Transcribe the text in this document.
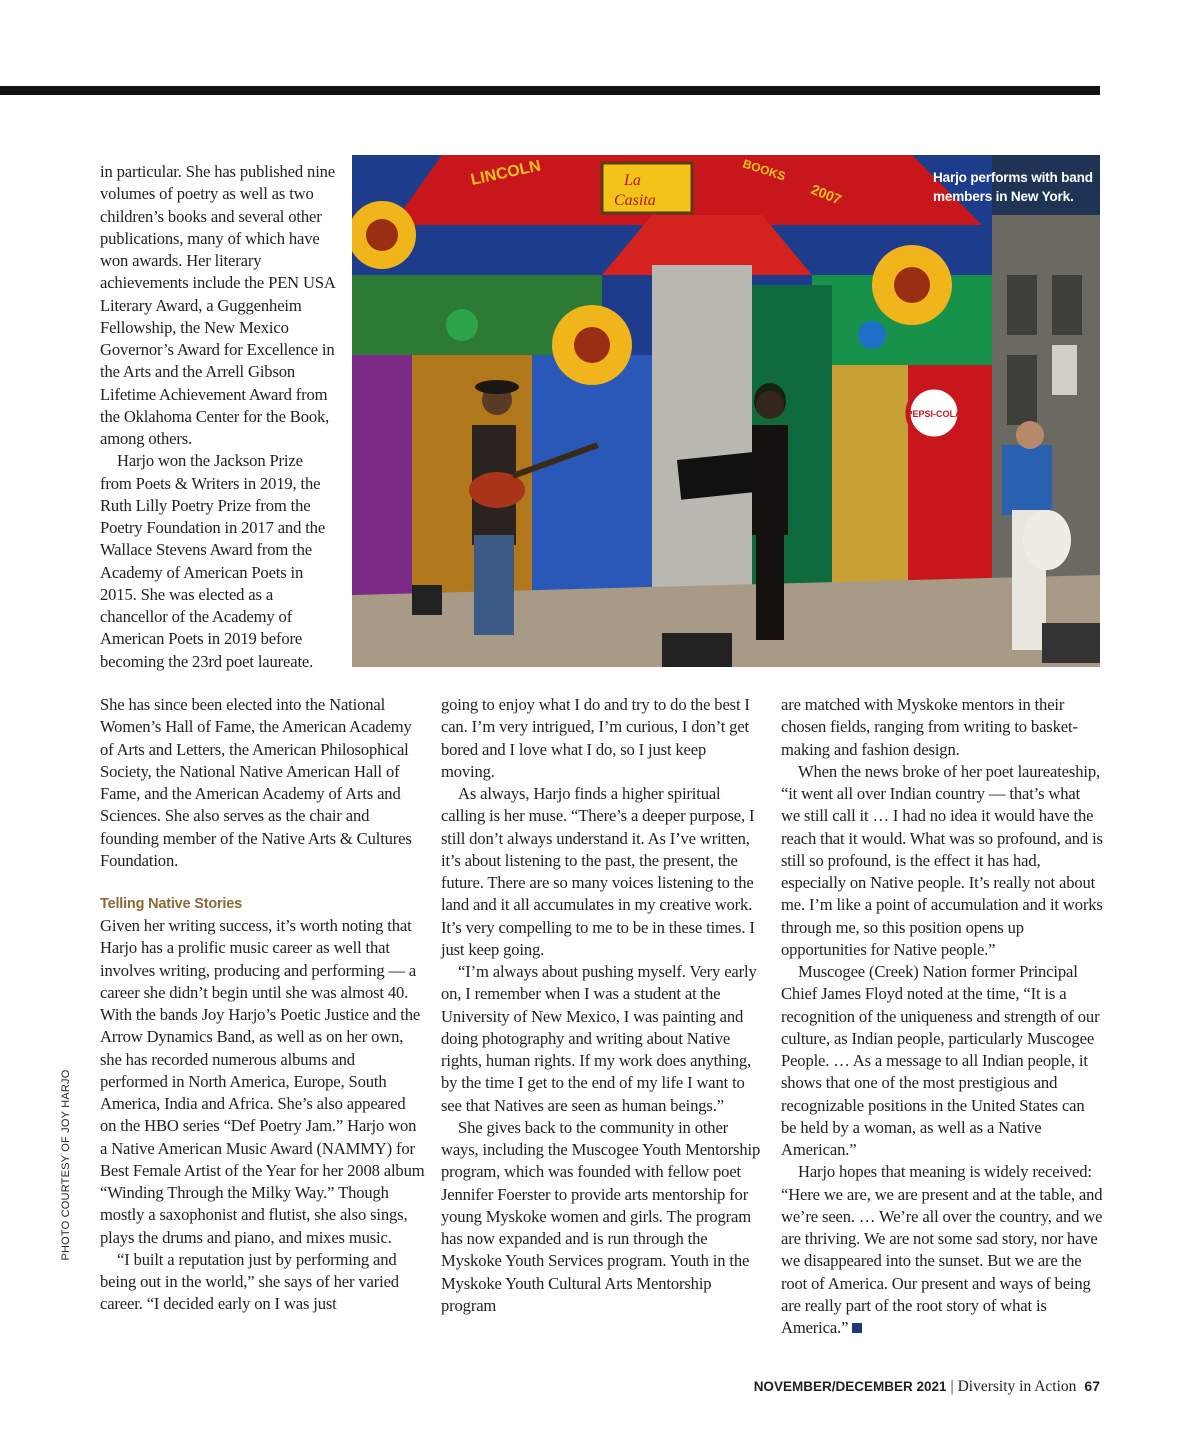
PEPSI-COLA
LINCOLN	La
Casita
BOOKS
2007
Harjo performs with band members in New York.

in particular. She has published nine volumes of poetry as well as two children’s books and several other publications, many of which have won awards. Her literary achievements include the PEN USA Literary Award, a Guggenheim Fellowship, the New Mexico Governor’s Award for Excellence in the Arts and the Arrell Gibson Lifetime Achievement Award from the Oklahoma Center for the Book, among others.

Harjo won the Jackson Prize from Poets & Writers in 2019, the Ruth Lilly Poetry Prize from the Poetry Foundation in 2017 and the Wallace Stevens Award from the Academy of American Poets in 2015. She was elected as a chancellor of the Academy of American Poets in 2019 before becoming the 23rd poet laureate.

She has since been elected into the National Women’s Hall of Fame, the American Academy of Arts and Letters, the American Philosophical Society, the National Native American Hall of Fame, and the American Academy of Arts and Sciences. She also serves as the chair and founding member of the Native Arts & Cultures Foundation.

Telling Native Stories

Given her writing success, it’s worth noting that Harjo has a prolific music career as well that involves writing, producing and performing — a career she didn’t begin until she was almost 40. With the bands Joy Harjo’s Poetic Justice and the Arrow Dynamics Band, as well as on her own, she has recorded numerous albums and performed in North America, Europe, South America, India and Africa. She’s also appeared on the HBO series “Def Poetry Jam.” Harjo won a Native American Music Award (NAMMY) for Best Female Artist of the Year for her 2008 album “Winding Through the Milky Way.” Though mostly a saxophonist and flutist, she also sings, plays the drums and piano, and mixes music.

“I built a reputation just by performing and being out in the world,” she says of her varied career. “I decided early on I was just

going to enjoy what I do and try to do the best I can. I’m very intrigued, I’m curious, I don’t get bored and I love what I do, so I just keep moving.

As always, Harjo finds a higher spiritual calling is her muse. “There’s a deeper purpose, I still don’t always understand it. As I’ve written, it’s about listening to the past, the present, the future. There are so many voices listening to the land and it all accumulates in my creative work. It’s very compelling to me to be in these times. I just keep going.

“I’m always about pushing myself. Very early on, I remember when I was a student at the University of New Mexico, I was painting and doing photography and writing about Native rights, human rights. If my work does anything, by the time I get to the end of my life I want to see that Natives are seen as human beings.”

She gives back to the community in other ways, including the Muscogee Youth Mentorship program, which was founded with fellow poet Jennifer Foerster to provide arts mentorship for young Myskoke women and girls. The program has now expanded and is run through the Myskoke Youth Services program. Youth in the Myskoke Youth Cultural Arts Mentorship program

are matched with Myskoke mentors in their chosen fields, ranging from writing to basket-making and fashion design.

When the news broke of her poet laureateship, “it went all over Indian country — that’s what we still call it … I had no idea it would have the reach that it would. What was so profound, and is still so profound, is the effect it has had, especially on Native people. It’s really not about me. I’m like a point of accumulation and it works through me, so this position opens up opportunities for Native people.”

Muscogee (Creek) Nation former Principal Chief James Floyd noted at the time, “It is a recognition of the uniqueness and strength of our culture, as Indian people, particularly Muscogee People. … As a message to all Indian people, it shows that one of the most prestigious and recognizable positions in the United States can be held by a woman, as well as a Native American.”

Harjo hopes that meaning is widely received: “Here we are, we are present and at the table, and we’re seen. … We’re all over the country, and we are thriving. We are not some sad story, nor have we disappeared into the sunset. But we are the root of America. Our present and ways of being are really part of the root story of what is America.”

PHOTO COURTESY OF JOY HARJO
NOVEMBER/DECEMBER 2021 | Diversity in Action 67
